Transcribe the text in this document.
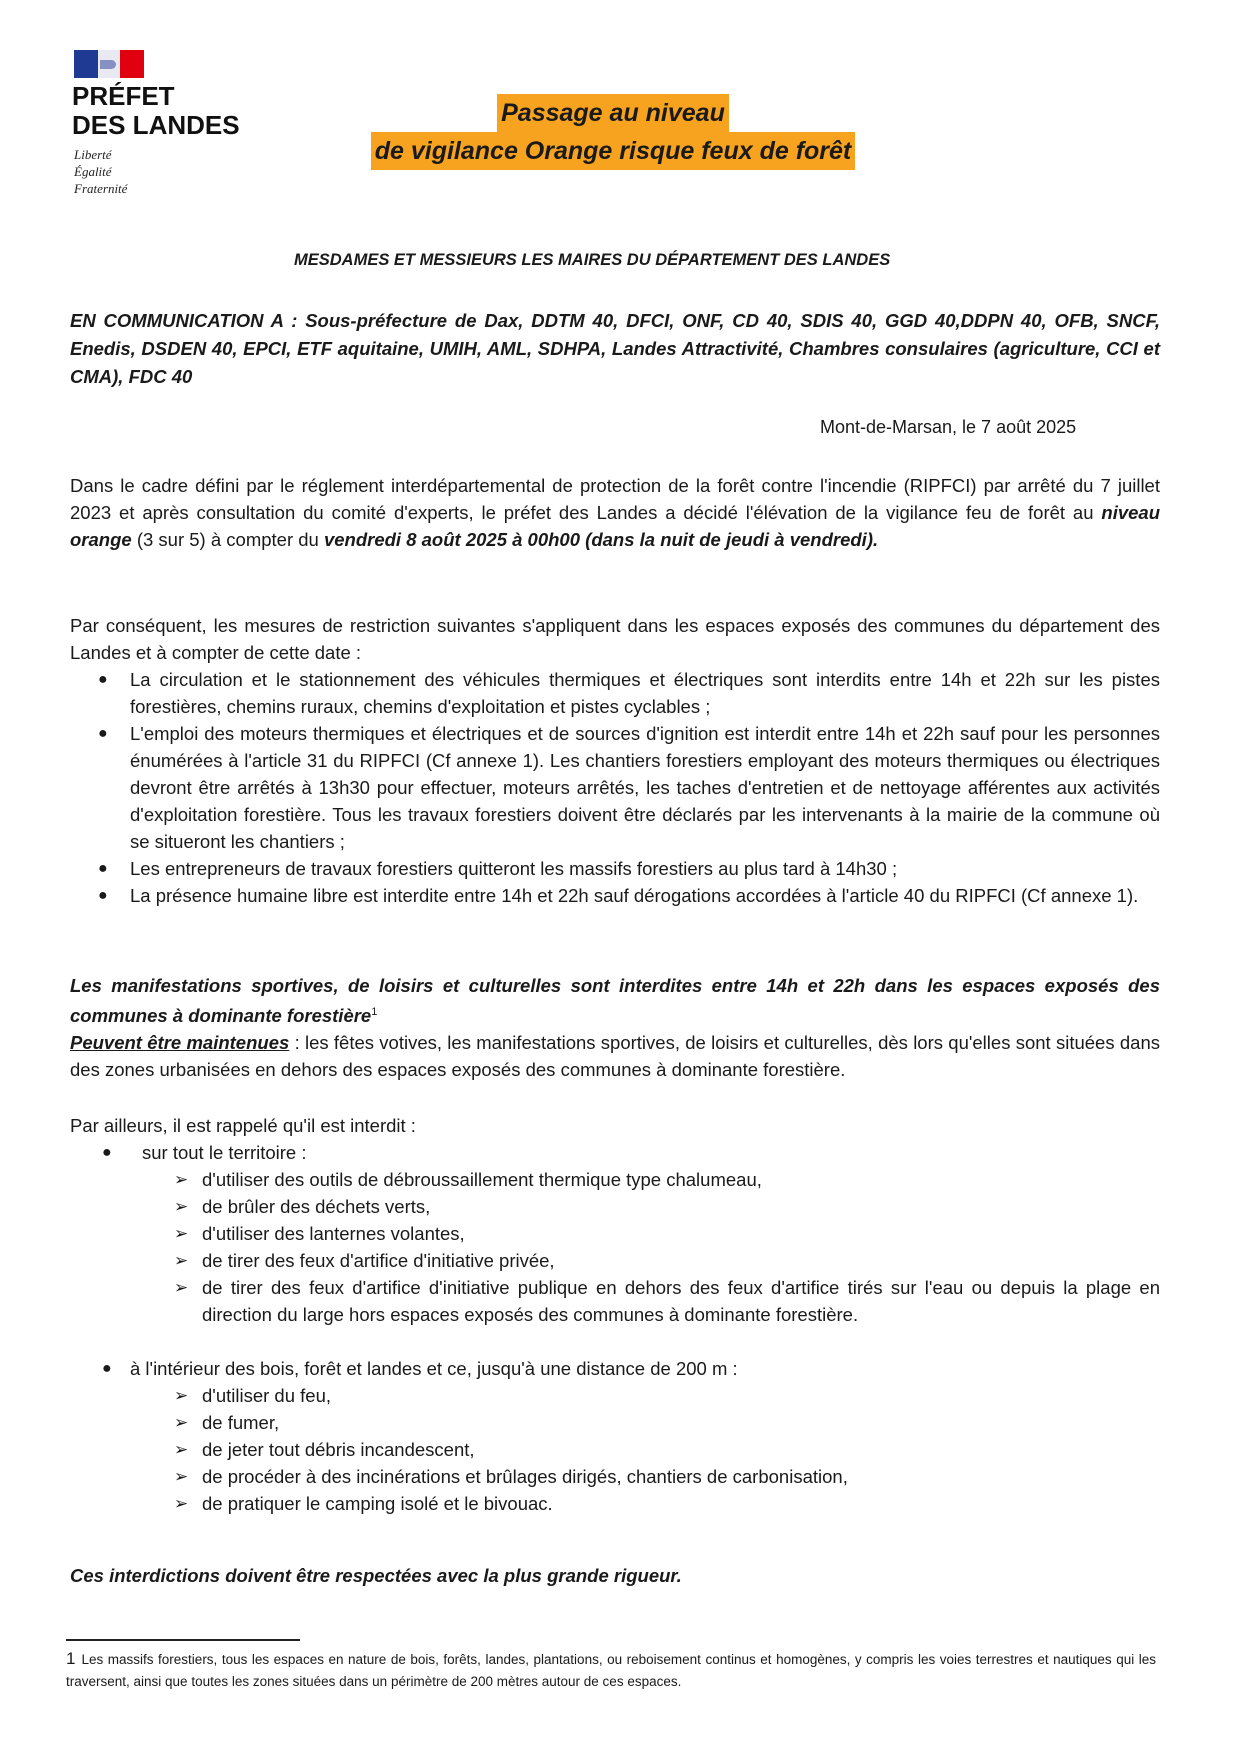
PRÉFET
DES LANDES
Liberté
Égalité
Fraternité
Passage au niveau
de vigilance Orange risque feux de forêt
MESDAMES ET MESSIEURS LES MAIRES DU DÉPARTEMENT DES LANDES
EN COMMUNICATION A : Sous-préfecture de Dax, DDTM 40, DFCI, ONF, CD 40, SDIS 40, GGD 40,DDPN 40, OFB, SNCF, Enedis, DSDEN 40, EPCI, ETF aquitaine, UMIH, AML, SDHPA, Landes Attractivité, Chambres consulaires (agriculture, CCI et CMA), FDC 40
Mont-de-Marsan, le 7 août 2025
Dans le cadre défini par le réglement interdépartemental de protection de la forêt contre l'incendie (RIPFCI) par arrêté du 7 juillet 2023 et après consultation du comité d'experts, le préfet des Landes a décidé l'élévation de la vigilance feu de forêt au niveau orange (3 sur 5) à compter du vendredi 8 août 2025 à 00h00 (dans la nuit de jeudi à vendredi).
Par conséquent, les mesures de restriction suivantes s'appliquent dans les espaces exposés des communes du département des Landes et à compter de cette date :
● La circulation et le stationnement des véhicules thermiques et électriques sont interdits entre 14h et 22h sur les pistes forestières, chemins ruraux, chemins d'exploitation et pistes cyclables ;
● L'emploi des moteurs thermiques et électriques et de sources d'ignition est interdit entre 14h et 22h sauf pour les personnes énumérées à l'article 31 du RIPFCI (Cf annexe 1). Les chantiers forestiers employant des moteurs thermiques ou électriques devront être arrêtés à 13h30 pour effectuer, moteurs arrêtés, les taches d'entretien et de nettoyage afférentes aux activités d'exploitation forestière. Tous les travaux forestiers doivent être déclarés par les intervenants à la mairie de la commune où se situeront les chantiers ;
● Les entrepreneurs de travaux forestiers quitteront les massifs forestiers au plus tard à 14h30 ;
● La présence humaine libre est interdite entre 14h et 22h sauf dérogations accordées à l'article 40 du RIPFCI (Cf annexe 1).
Les manifestations sportives, de loisirs et culturelles sont interdites entre 14h et 22h dans les espaces exposés des communes à dominante forestière$^1$
Peuvent être maintenues : les fêtes votives, les manifestations sportives, de loisirs et culturelles, dès lors qu'elles sont situées dans des zones urbanisées en dehors des espaces exposés des communes à dominante forestière.
Par ailleurs, il est rappelé qu'il est interdit :
● sur tout le territoire :
➢ d'utiliser des outils de débroussaillement thermique type chalumeau,
➢ de brûler des déchets verts,
➢ d'utiliser des lanternes volantes,
➢ de tirer des feux d'artifice d'initiative privée,
➢ de tirer des feux d'artifice d'initiative publique en dehors des feux d'artifice tirés sur l'eau ou depuis la plage en direction du large hors espaces exposés des communes à dominante forestière.
● à l'intérieur des bois, forêt et landes et ce, jusqu'à une distance de 200 m :
➢ d'utiliser du feu,
➢ de fumer,
➢ de jeter tout débris incandescent,
➢ de procéder à des incinérations et brûlages dirigés, chantiers de carbonisation,
➢ de pratiquer le camping isolé et le bivouac.
Ces interdictions doivent être respectées avec la plus grande rigueur.
1 Les massifs forestiers, tous les espaces en nature de bois, forêts, landes, plantations, ou reboisement continus et homogènes, y compris les voies terrestres et nautiques qui les traversent, ainsi que toutes les zones situées dans un périmètre de 200 mètres autour de ces espaces.
